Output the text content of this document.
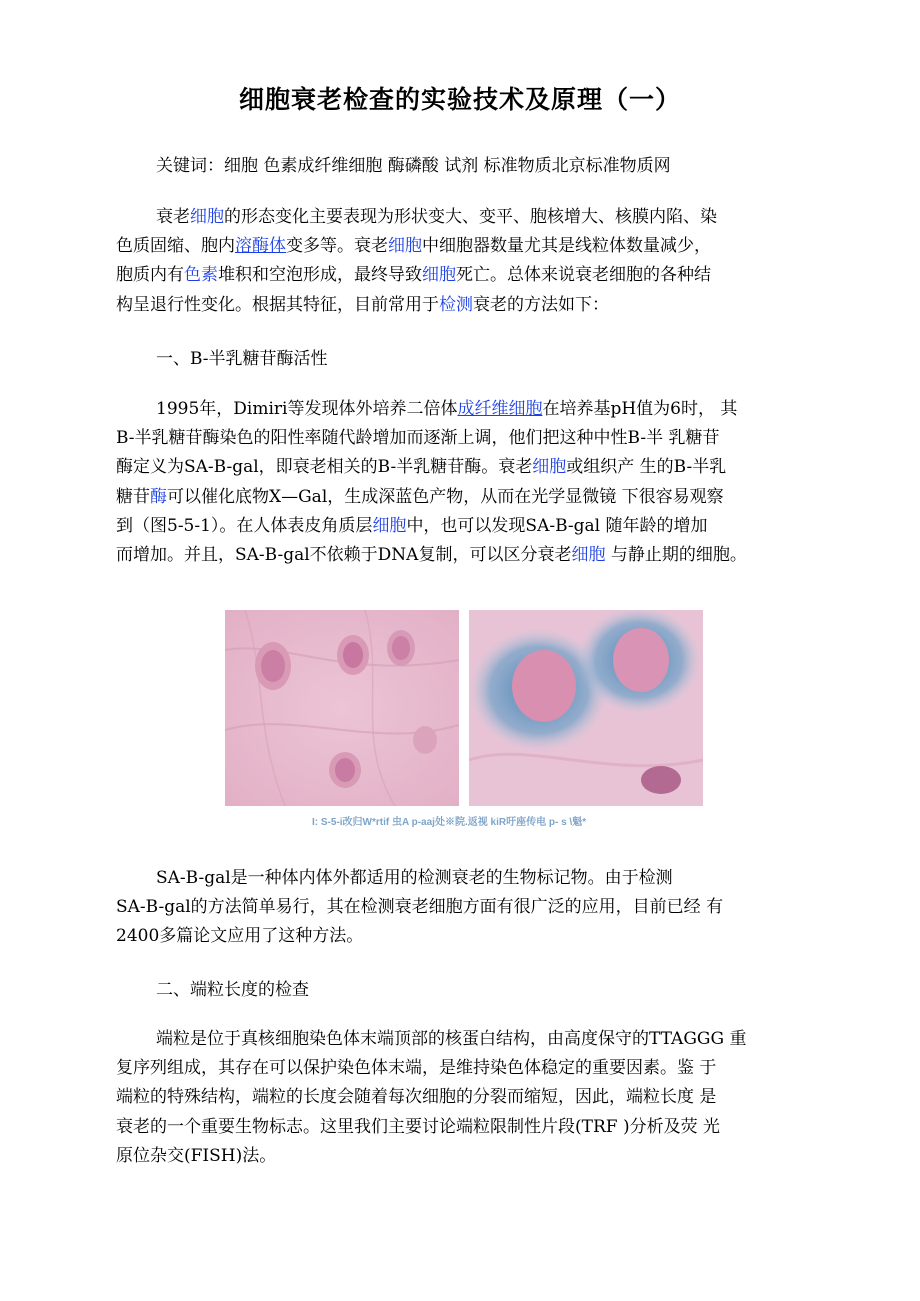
细胞衰老检查的实验技术及原理（一）
关键词：细胞 色素成纤维细胞 酶磷酸 试剂 标准物质北京标准物质网
衰老细胞的形态变化主要表现为形状变大、变平、胞核增大、核膜内陷、染
色质固缩、胞内溶酶体变多等。衰老细胞中细胞器数量尤其是线粒体数量减少，
胞质内有色素堆积和空泡形成，最终导致细胞死亡。总体来说衰老细胞的各种结
构呈退行性变化。根据其特征，目前常用于检测衰老的方法如下：
一、B-半乳糖苷酶活性
1995年，Dimiri等发现体外培养二倍体成纤维细胞在培养基pH值为6时， 其
B-半乳糖苷酶染色的阳性率随代龄增加而逐渐上调，他们把这种中性B-半 乳糖苷
酶定义为SA-B-gal，即衰老相关的B-半乳糖苷酶。衰老细胞或组织产 生的B-半乳
糖苷酶可以催化底物X—Gal，生成深蓝色产物，从而在光学显微镜 下很容易观察
到（图5-5-1）。在人体表皮角质层细胞中，也可以发现SA-B-gal 随年龄的增加
而增加。并且，SA-B-gal不依赖于DNA复制，可以区分衰老细胞 与静止期的细胞。
I: S-5-i改归W*rtif 虫A p-aaj处※院.返视 kiR吁座传电 p- s \魁*
SA-B-gal是一种体内体外都适用的检测衰老的生物标记物。由于检测
SA-B-gal的方法简单易行，其在检测衰老细胞方面有很广泛的应用，目前已经 有
2400多篇论文应用了这种方法。
二、端粒长度的检查
端粒是位于真核细胞染色体末端顶部的核蛋白结构，由高度保守的TTAGGG 重
复序列组成，其存在可以保护染色体末端，是维持染色体稳定的重要因素。鉴 于
端粒的特殊结构，端粒的长度会随着每次细胞的分裂而缩短，因此，端粒长度 是
衰老的一个重要生物标志。这里我们主要讨论端粒限制性片段(TRF )分析及荧 光
原位杂交(FISH)法。
